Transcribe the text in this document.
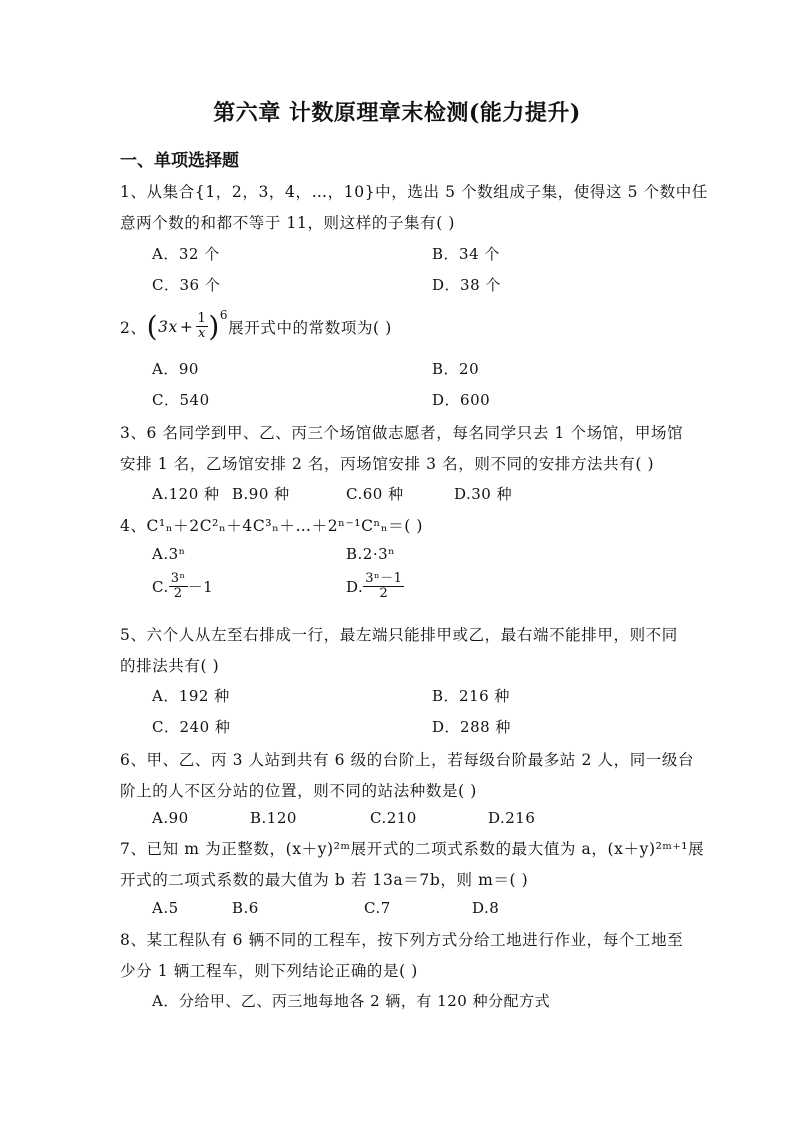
第六章 计数原理章末检测(能力提升)
一、单项选择题
1、从集合{1，2，3，4，…，10}中，选出 5 个数组成子集，使得这 5 个数中任
意两个数的和都不等于 11，则这样的子集有( )
A．32 个	B．34 个
C．36 个	D．38 个
2、 ( $3x + \frac{1}{x}$ ) 6
展开式中的常数项为( )
A．90	B．20
C．540	D．600
3、6 名同学到甲、乙、丙三个场馆做志愿者，每名同学只去 1 个场馆，甲场馆
安排 1 名，乙场馆安排 2 名，丙场馆安排 3 名，则不同的安排方法共有( )
A.120 种 B.90 种	C.60 种	D.30 种
4、C¹ₙ＋2C²ₙ＋4C³ₙ＋…＋2ⁿ⁻¹Cⁿₙ＝( )
A.3ⁿ	B.2·3ⁿ
C. $\frac{\text{3ⁿ}}{2} -1$	D. $\frac{\text{3ⁿ－1}}{2}$
5、六个人从左至右排成一行，最左端只能排甲或乙，最右端不能排甲，则不同
的排法共有( )
A．192 种	B．216 种
C．240 种	D．288 种
6、甲、乙、丙 3 人站到共有 6 级的台阶上，若每级台阶最多站 2 人，同一级台
阶上的人不区分站的位置，则不同的站法种数是( )
A.90	B.120	C.210	D.216
7、已知 m 为正整数，(x＋y)²ᵐ展开式的二项式系数的最大值为 a，(x＋y)²ᵐ⁺¹展
开式的二项式系数的最大值为 b 若 13a＝7b，则 m＝( )
A.5	B.6	C.7	D.8
8、某工程队有 6 辆不同的工程车，按下列方式分给工地进行作业，每个工地至
少分 1 辆工程车，则下列结论正确的是( )
A．分给甲、乙、丙三地每地各 2 辆，有 120 种分配方式
